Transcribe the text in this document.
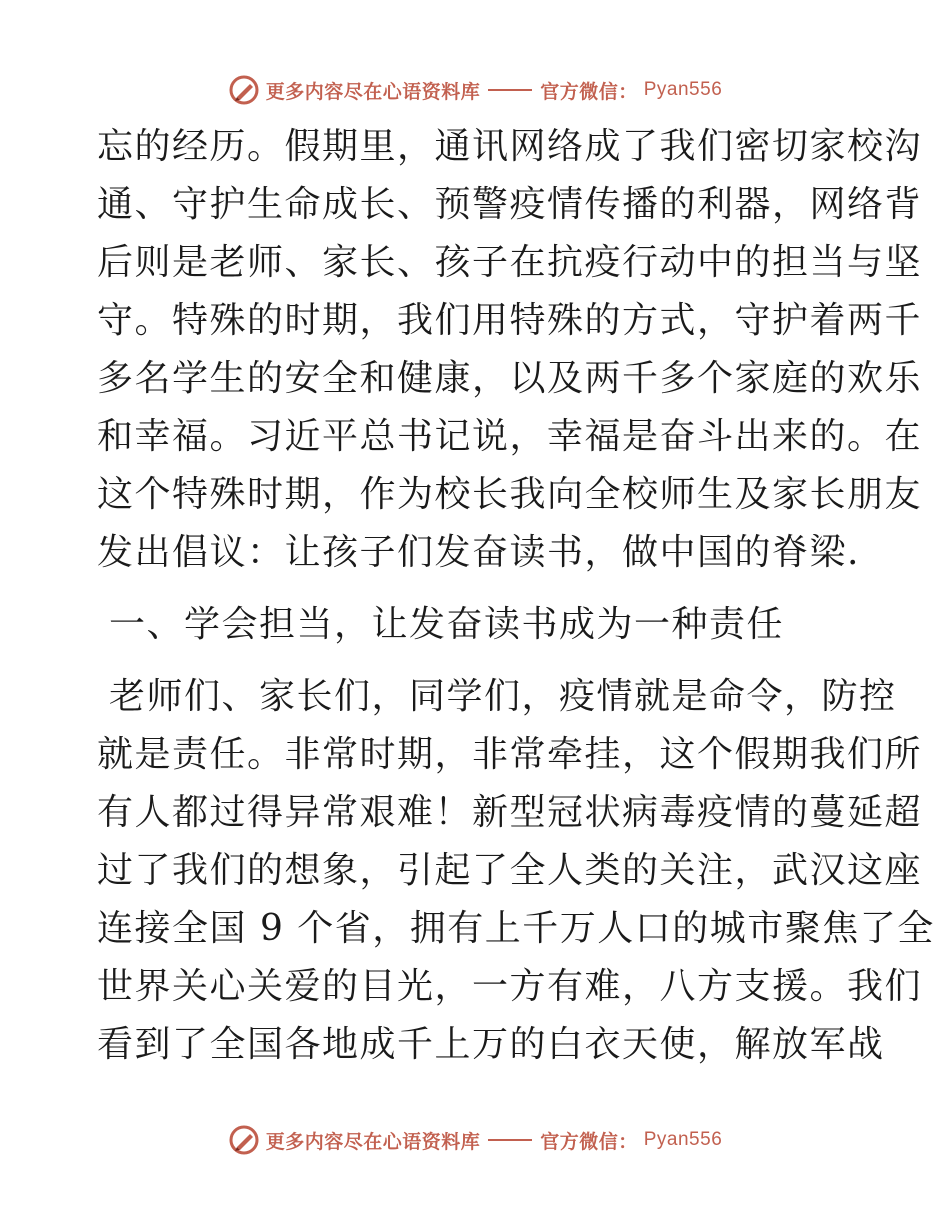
更多内容尽在心语资料库	官方微信： Pyan556
忘的经历。假期里，通讯网络成了我们密切家校沟
通、守护生命成长、预警疫情传播的利器，网络背
后则是老师、家长、孩子在抗疫行动中的担当与坚
守。特殊的时期，我们用特殊的方式，守护着两千
多名学生的安全和健康，以及两千多个家庭的欢乐
和幸福。习近平总书记说，幸福是奋斗出来的。在
这个特殊时期，作为校长我向全校师生及家长朋友
发出倡议：让孩子们发奋读书，做中国的脊梁.
一、学会担当，让发奋读书成为一种责任
老师们、家长们，同学们，疫情就是命令，防控
就是责任。非常时期，非常牵挂，这个假期我们所
有人都过得异常艰难！新型冠状病毒疫情的蔓延超
过了我们的想象，引起了全人类的关注，武汉这座
连接全国 9 个省，拥有上千万人口的城市聚焦了全
世界关心关爱的目光，一方有难，八方支援。我们
看到了全国各地成千上万的白衣天使，解放军战
更多内容尽在心语资料库	官方微信： Pyan556
